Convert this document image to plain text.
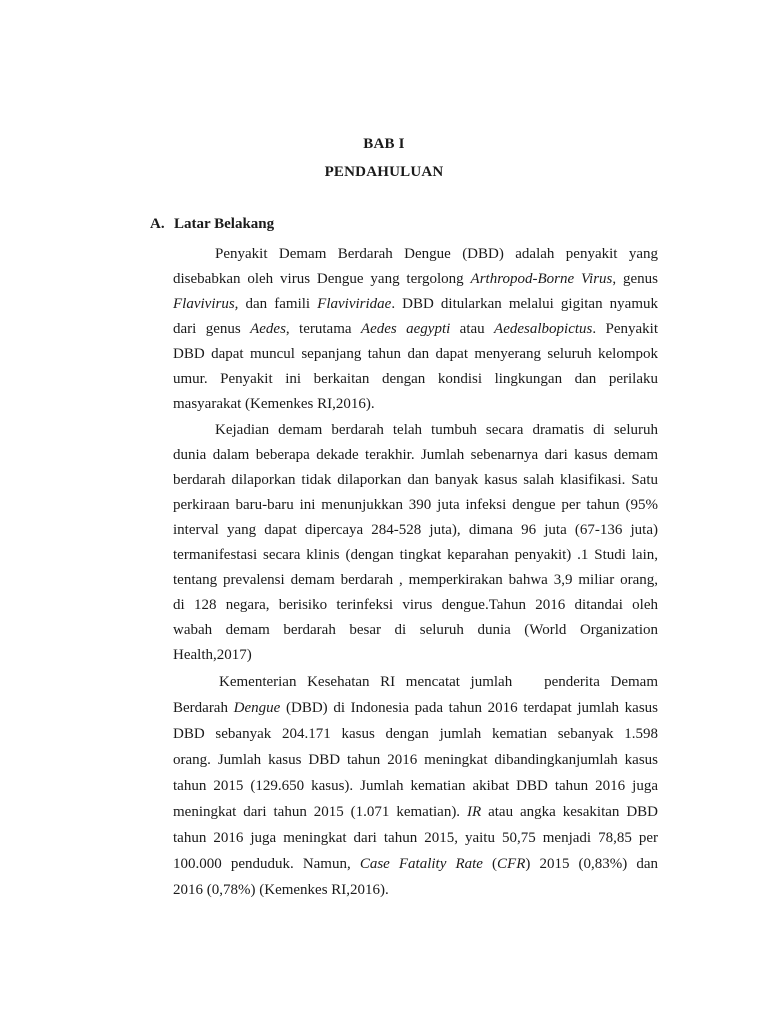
BAB I
PENDAHULUAN
A. Latar Belakang
Penyakit Demam Berdarah Dengue (DBD) adalah penyakit yang
disebabkan oleh virus Dengue yang tergolong Arthropod-Borne Virus, genus
Flavivirus, dan famili Flaviviridae. DBD ditularkan melalui gigitan nyamuk
dari genus Aedes, terutama Aedes aegypti atau Aedesalbopictus. Penyakit
DBD dapat muncul sepanjang tahun dan dapat menyerang seluruh kelompok
umur. Penyakit ini berkaitan dengan kondisi lingkungan dan perilaku
masyarakat (Kemenkes RI,2016).
Kejadian demam berdarah telah tumbuh secara dramatis di seluruh
dunia dalam beberapa dekade terakhir. Jumlah sebenarnya dari kasus demam
berdarah dilaporkan tidak dilaporkan dan banyak kasus salah klasifikasi. Satu
perkiraan baru-baru ini menunjukkan 390 juta infeksi dengue per tahun (95%
interval yang dapat dipercaya 284-528 juta), dimana 96 juta (67-136 juta)
termanifestasi secara klinis (dengan tingkat keparahan penyakit) .1 Studi lain,
tentang prevalensi demam berdarah , memperkirakan bahwa 3,9 miliar orang,
di 128 negara, berisiko terinfeksi virus dengue.Tahun 2016 ditandai oleh
wabah demam berdarah besar di seluruh dunia (World Organization
Health,2017)
Kementerian Kesehatan RI mencatat jumlah   penderita Demam
Berdarah Dengue (DBD) di Indonesia pada tahun 2016 terdapat jumlah kasus
DBD sebanyak 204.171 kasus dengan jumlah kematian sebanyak 1.598
orang. Jumlah kasus DBD tahun 2016 meningkat dibandingkanjumlah kasus
tahun 2015 (129.650 kasus). Jumlah kematian akibat DBD tahun 2016 juga
meningkat dari tahun 2015 (1.071 kematian). IR atau angka kesakitan DBD
tahun 2016 juga meningkat dari tahun 2015, yaitu 50,75 menjadi 78,85 per
100.000 penduduk. Namun, Case Fatality Rate (CFR) 2015 (0,83%) dan
2016 (0,78%) (Kemenkes RI,2016).
